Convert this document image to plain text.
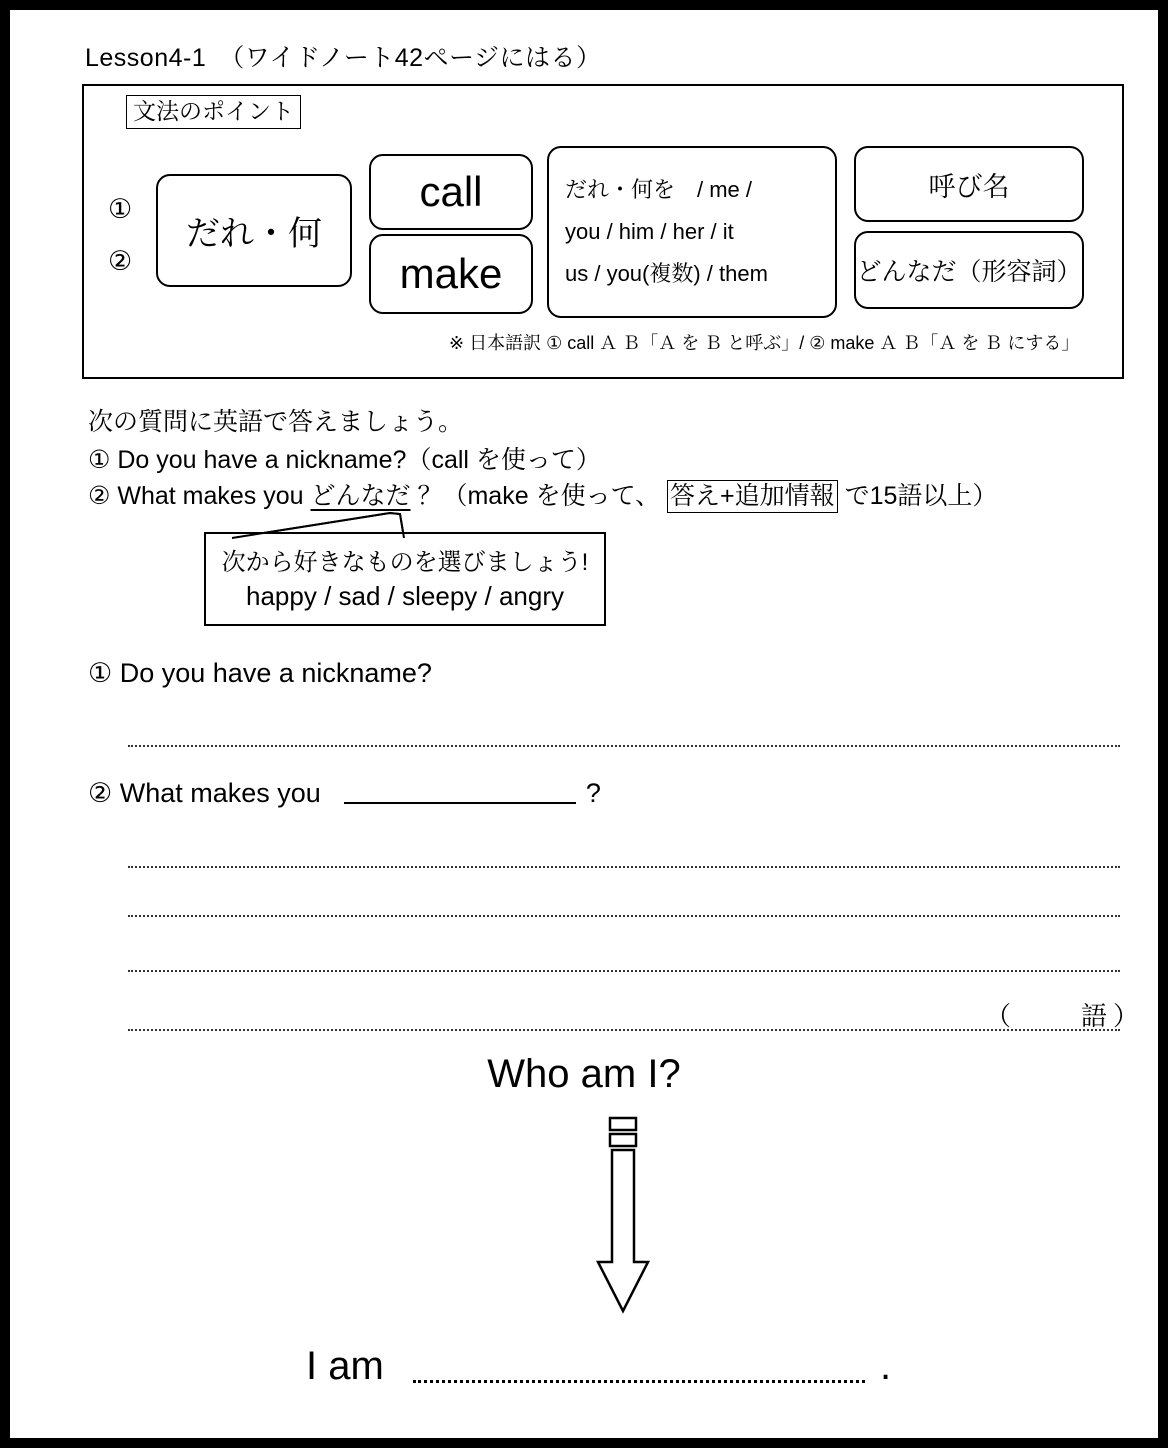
Lesson4-1　（ワイドノート42ページにはる）
文法のポイント
①
②
だれ・何
call
make
だれ・何を　/ me /
you / him / her / it
us / you(複数) / them
呼び名
どんなだ（形容詞）
※ 日本語訳 ① call Ａ Ｂ「Ａ を Ｂ と呼ぶ」/ ② make Ａ Ｂ「Ａ を Ｂ にする」
次の質問に英語で答えましょう。
① Do you have a nickname?（call を使って）
② What makes you どんなだ ？（make を使って、 答え+追加情報 で15語以上）
次から好きなものを選びましょう!
happy / sad / sleepy / angry
① Do you have a nickname?
② What makes you	?
（　　語）
Who am I?
I am	.
